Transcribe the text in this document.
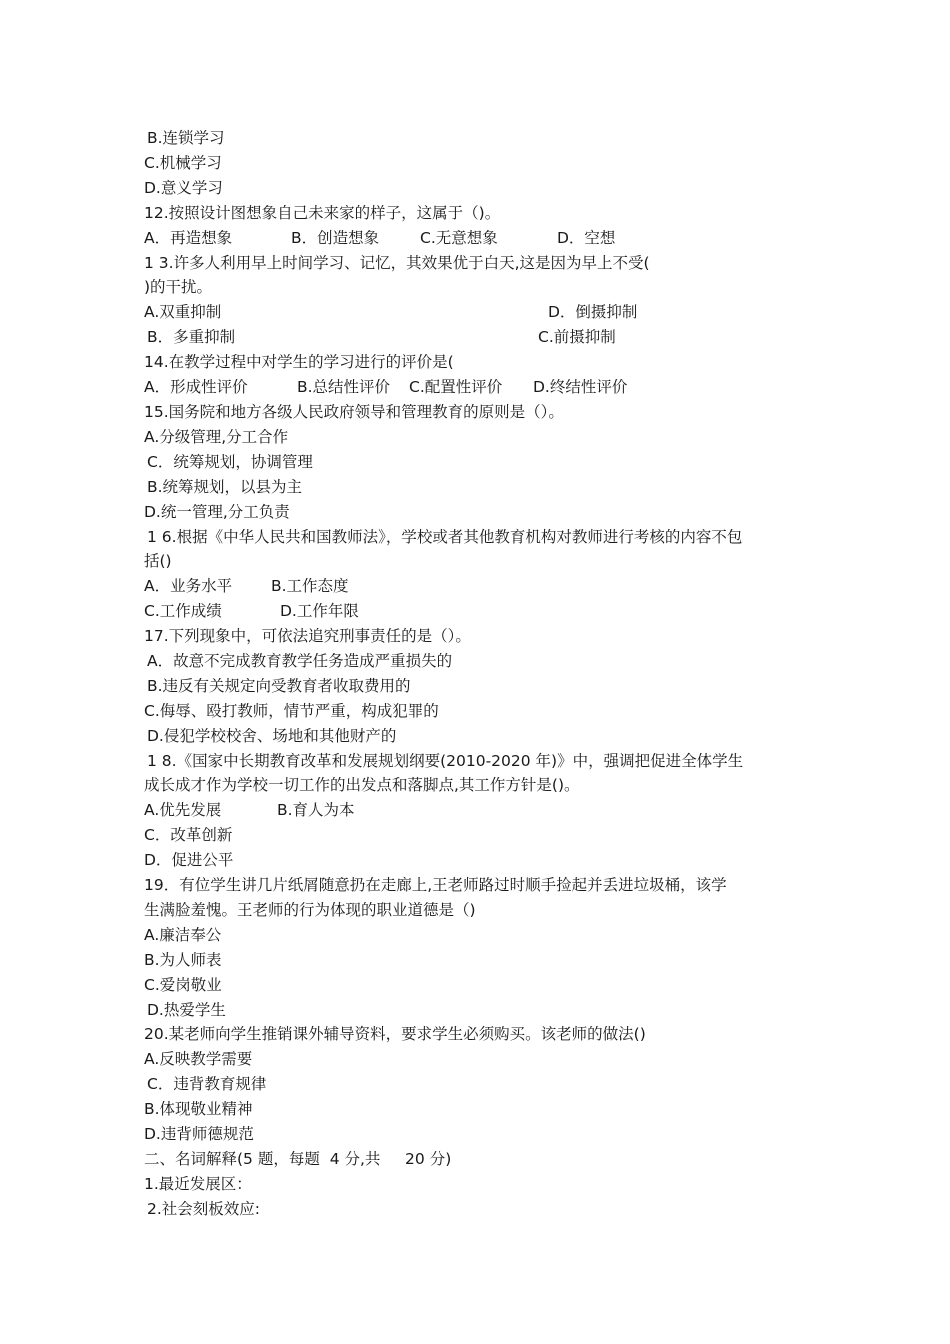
B.连锁学习
C.机械学习
D.意义学习
12.按照设计图想象自己未来家的样子，这属于（)。
A．再造想象	B．创造想象	C.无意想象	D．空想
1 3.许多人利用早上时间学习、记忆，其效果优于白天,这是因为早上不受(
)的干扰。
A.双重抑制	D．倒摄抑制
B．多重抑制	C.前摄抑制
14.在教学过程中对学生的学习进行的评价是(
A．形成性评价	B.总结性评价 C.配置性评价 D.终结性评价
15.国务院和地方各级人民政府领导和管理教育的原则是（）。
A.分级管理,分工合作
C．统筹规划，协调管理
B.统筹规划，以县为主
D.统一管理,分工负责
1 6.根据《中华人民共和国教师法》，学校或者其他教育机构对教师进行考核的内容不包
括()
A．业务水平	B.工作态度
C.工作成绩	D.工作年限
17.下列现象中，可依法追究刑事责任的是（）。
A．故意不完成教育教学任务造成严重损失的
B.违反有关规定向受教育者收取费用的
C.侮辱、殴打教师，情节严重，构成犯罪的
D.侵犯学校校舍、场地和其他财产的
1 8.《国家中长期教育改革和发展规划纲要(2010-2020 年)》中，强调把促进全体学生
成长成才作为学校一切工作的出发点和落脚点,其工作方针是()。
A.优先发展	B.育人为本
C．改革创新
D．促进公平
19．有位学生讲几片纸屑随意扔在走廊上,王老师路过时顺手捡起并丢进垃圾桶，该学
生满脸羞愧。王老师的行为体现的职业道德是（)
A.廉洁奉公
B.为人师表
C.爱岗敬业
D.热爱学生
20.某老师向学生推销课外辅导资料，要求学生必须购买。该老师的做法()
A.反映教学需要
C．违背教育规律
B.体现敬业精神
D.违背师德规范
二、名词解释(5 题，每题  4 分,共     20 分)
1.最近发展区：
2.社会刻板效应:
